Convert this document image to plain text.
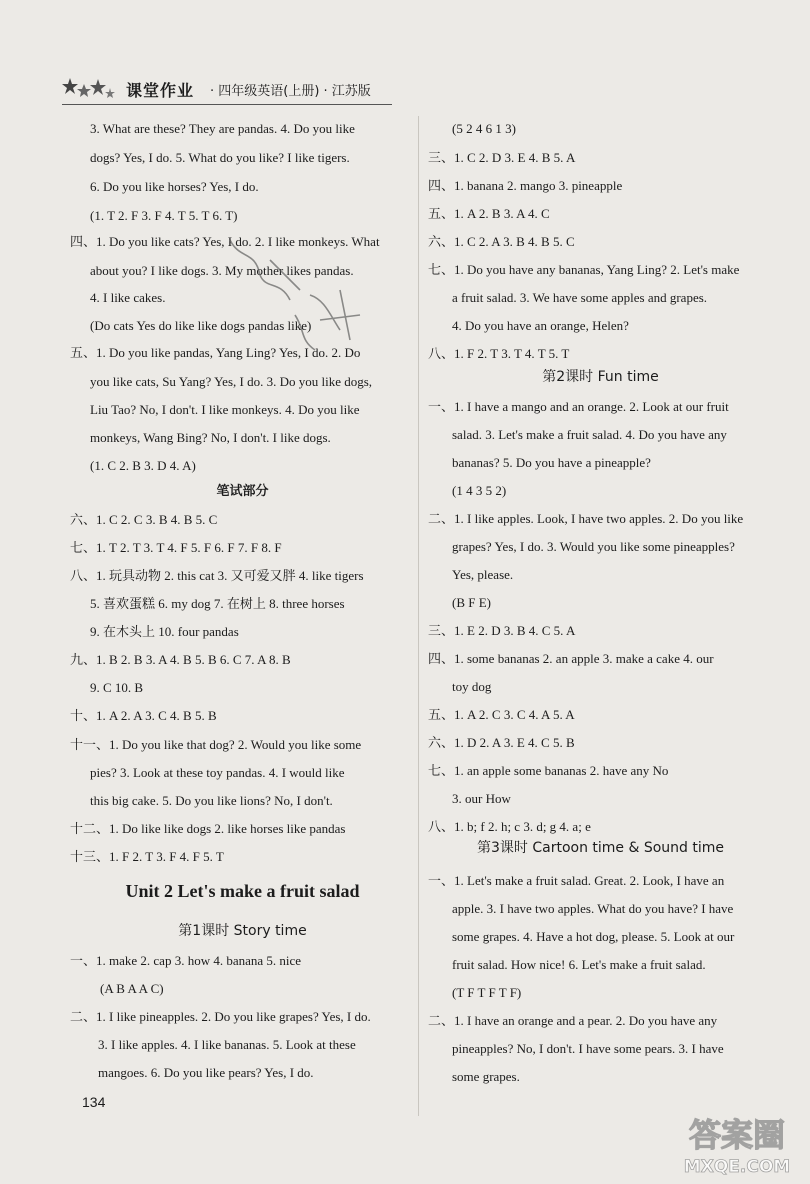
课堂作业 · 四年级英语(上册) · 江苏版
3. What are these? They are pandas. 4. Do you like
dogs? Yes, I do. 5. What do you like? I like tigers.
6. Do you like horses? Yes, I do.
(1. T 2. F 3. F 4. T 5. T 6. T)
四、1. Do you like cats? Yes, I do. 2. I like monkeys. What
about you? I like dogs. 3. My mother likes pandas.
4. I like cakes.
(Do cats Yes do like like dogs pandas like)
五、1. Do you like pandas, Yang Ling? Yes, I do. 2. Do
you like cats, Su Yang? Yes, I do. 3. Do you like dogs,
Liu Tao? No, I don't. I like monkeys. 4. Do you like
monkeys, Wang Bing? No, I don't. I like dogs.
(1. C 2. B 3. D 4. A)
六、1. C 2. C 3. B 4. B 5. C
七、1. T 2. T 3. T 4. F 5. F 6. F 7. F 8. F
八、1. 玩具动物 2. this cat 3. 又可爱又胖 4. like tigers
5. 喜欢蛋糕 6. my dog 7. 在树上 8. three horses
9. 在木头上 10. four pandas
九、1. B 2. B 3. A 4. B 5. B 6. C 7. A 8. B
9. C 10. B
十、1. A 2. A 3. C 4. B 5. B
十一、1. Do you like that dog? 2. Would you like some
pies? 3. Look at these toy pandas. 4. I would like
this big cake. 5. Do you like lions? No, I don't.
十二、1. Do like like dogs 2. like horses like pandas
十三、1. F 2. T 3. F 4. F 5. T
一、1. make 2. cap 3. how 4. banana 5. nice
(A B A A C)
二、1. I like pineapples. 2. Do you like grapes? Yes, I do.
3. I like apples. 4. I like bananas. 5. Look at these
mangoes. 6. Do you like pears? Yes, I do.
(5 2 4 6 1 3)
三、1. C 2. D 3. E 4. B 5. A
四、1. banana 2. mango 3. pineapple
五、1. A 2. B 3. A 4. C
六、1. C 2. A 3. B 4. B 5. C
七、1. Do you have any bananas, Yang Ling? 2. Let's make
a fruit salad. 3. We have some apples and grapes.
4. Do you have an orange, Helen?
八、1. F 2. T 3. T 4. T 5. T
一、1. I have a mango and an orange. 2. Look at our fruit
salad. 3. Let's make a fruit salad. 4. Do you have any
bananas? 5. Do you have a pineapple?
(1 4 3 5 2)
二、1. I like apples. Look, I have two apples. 2. Do you like
grapes? Yes, I do. 3. Would you like some pineapples?
Yes, please.
(B F E)
三、1. E 2. D 3. B 4. C 5. A
四、1. some bananas 2. an apple 3. make a cake 4. our
toy dog
五、1. A 2. C 3. C 4. A 5. A
六、1. D 2. A 3. E 4. C 5. B
七、1. an apple some bananas 2. have any No
3. our How
八、1. b; f 2. h; c 3. d; g 4. a; e
一、1. Let's make a fruit salad. Great. 2. Look, I have an
apple. 3. I have two apples. What do you have? I have
some grapes. 4. Have a hot dog, please. 5. Look at our
fruit salad. How nice! 6. Let's make a fruit salad.
(T F T F T F)
二、1. I have an orange and a pear. 2. Do you have any
pineapples? No, I don't. I have some pears. 3. I have
some grapes.
笔试部分
Unit 2 Let's make a fruit salad
第1课时 Story time
第2课时 Fun time
第3课时 Cartoon time & Sound time
134
答案圈
MXQE.COM
